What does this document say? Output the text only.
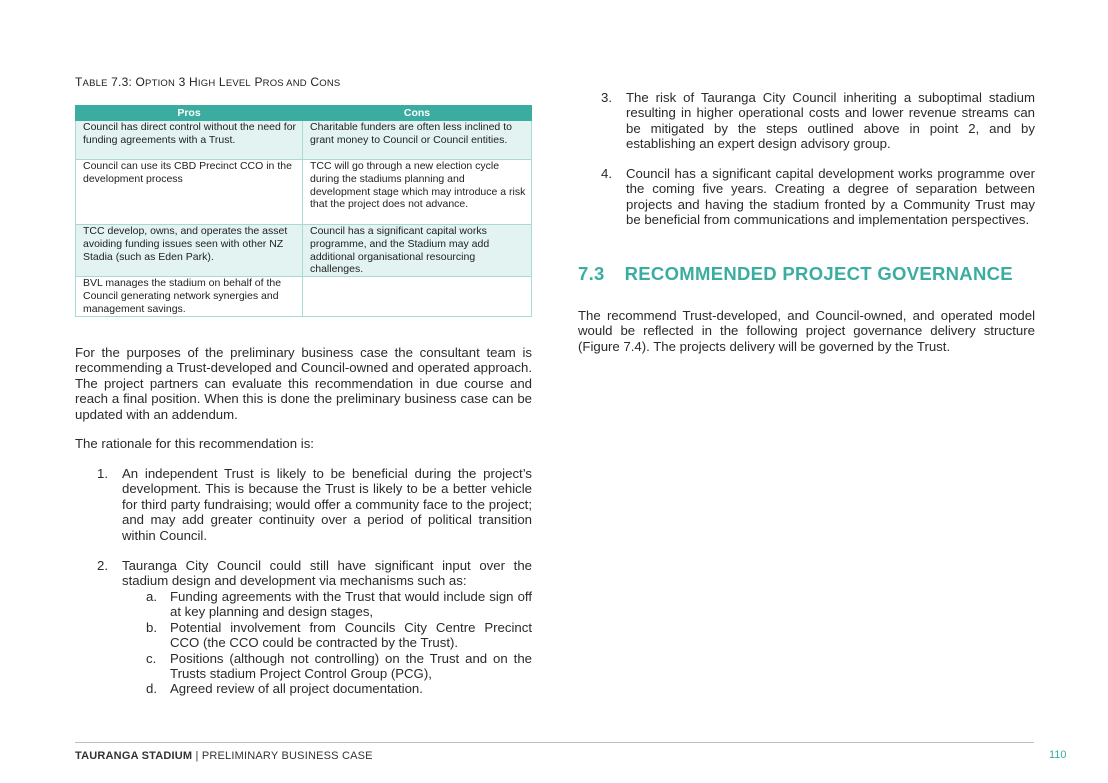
TABLE 7.3: OPTION 3 HIGH LEVEL PROS AND CONS
Pros	Cons
Council has direct control without the need for funding agreements with a Trust.	Charitable funders are often less inclined to grant money to Council or Council entities.
Council can use its CBD Precinct CCO in the development process	TCC will go through a new election cycle during the stadiums planning and development stage which may introduce a risk that the project does not advance.
TCC develop, owns, and operates the asset avoiding funding issues seen with other NZ Stadia (such as Eden Park).	Council has a significant capital works programme, and the Stadium may add additional organisational resourcing challenges.
BVL manages the stadium on behalf of the Council generating network synergies and management savings.	
For the purposes of the preliminary business case the consultant team is recommending a Trust-developed and Council-owned and operated approach. The project partners can evaluate this recommendation in due course and reach a final position. When this is done the preliminary business case can be updated with an addendum.
The rationale for this recommendation is:
1. An independent Trust is likely to be beneficial during the project’s development. This is because the Trust is likely to be a better vehicle for third party fundraising; would offer a community face to the project; and may add greater continuity over a period of political transition within Council.
2. Tauranga City Council could still have significant input over the stadium design and development via mechanisms such as:
a. Funding agreements with the Trust that would include sign off at key planning and design stages,
b. Potential involvement from Councils City Centre Precinct CCO (the CCO could be contracted by the Trust).
c. Positions (although not controlling) on the Trust and on the Trusts stadium Project Control Group (PCG),
d. Agreed review of all project documentation.
3. The risk of Tauranga City Council inheriting a suboptimal stadium resulting in higher operational costs and lower revenue streams can be mitigated by the steps outlined above in point 2, and by establishing an expert design advisory group.
4. Council has a significant capital development works programme over the coming five years. Creating a degree of separation between projects and having the stadium fronted by a Community Trust may be beneficial from communications and implementation perspectives.
7.3 RECOMMENDED PROJECT GOVERNANCE
The recommend Trust-developed, and Council-owned, and operated model would be reflected in the following project governance delivery structure (Figure 7.4). The projects delivery will be governed by the Trust.
TAURANGA STADIUM | PRELIMINARY BUSINESS CASE	110
